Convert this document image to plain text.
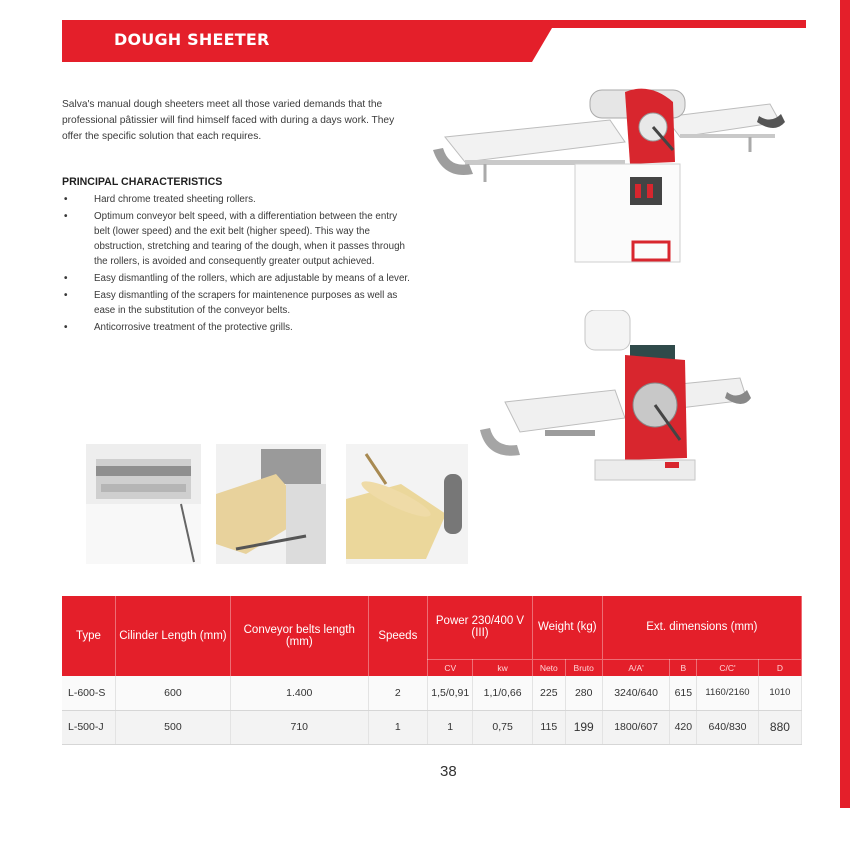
DOUGH SHEETER

Salva's manual dough sheeters meet all those varied demands that the professional pâtissier will find himself faced with during a days work. They offer the specific solution that each requires.

PRINCIPAL CHARACTERISTICS
•	Hard chrome treated sheeting rollers.
•	Optimum conveyor belt speed, with a differentiation between the entry belt (lower speed) and the exit belt (higher speed). This way the obstruction, stretching and tearing of the dough, when it passes through the rollers, is avoided and consequently greater output achieved.
•	Easy dismantling of the rollers, which are adjustable by means of a lever.
•	Easy dismantling of the scrapers for maintenence purposes as well as ease in the substitution of the conveyor belts.
•	Anticorrosive treatment of the protective grills.
Type	Cilinder Length (mm)	Conveyor belts length (mm)	Speeds	Power 230/400 V (III)		Weight (kg)		Ext. dimensions (mm)			
				CV	kw	Neto	Bruto	A/A'	B	C/C'	D
L-600-S	600	1.400	2	1,5/0,91	1,1/0,66	225	280	3240/640	615	1160/2160	1010
L-500-J	500	710	1	1	0,75	115	199	1800/607	420	640/830	880
38
